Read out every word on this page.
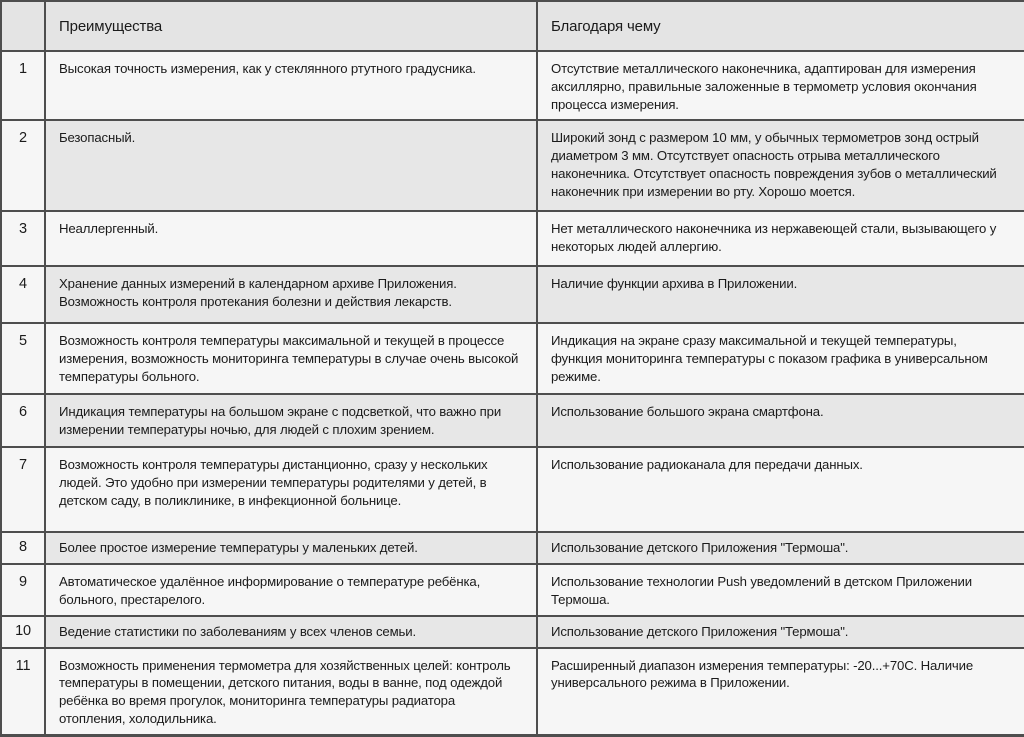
	Преимущества	Благодаря чему
1	Высокая точность измерения, как у стеклянного ртутного градусника.	Отсутствие металлического наконечника, адаптирован для измерения аксиллярно, правильные заложенные в термометр условия окончания процесса измерения.
2	Безопасный.	Широкий зонд с размером 10 мм, у обычных термометров зонд острый диаметром 3 мм. Отсутствует опасность отрыва металлического наконечника. Отсутствует опасность повреждения зубов о металлический наконечник при измерении во рту. Хорошо моется.
3	Неаллергенный.	Нет металлического наконечника из нержавеющей стали, вызывающего у некоторых людей аллергию.
4	Хранение данных измерений в календарном архиве Приложения. Возможность контроля протекания болезни и действия лекарств.	Наличие функции архива в Приложении.
5	Возможность контроля температуры максимальной и текущей в процессе измерения, возможность мониторинга температуры в случае очень высокой температуры больного.	Индикация на экране сразу максимальной и текущей температуры, функция мониторинга температуры с показом графика в универсальном режиме.
6	Индикация температуры на большом экране с подсветкой, что важно при измерении температуры ночью, для людей с плохим зрением.	Использование большого экрана смартфона.
7	Возможность контроля температуры дистанционно, сразу у нескольких людей. Это удобно при измерении температуры родителями у детей, в детском саду, в поликлинике, в инфекционной больнице.	Использование радиоканала для передачи данных.
8	Более простое измерение температуры у маленьких детей.	Использование детского Приложения "Термоша".
9	Автоматическое удалённое информирование о температуре ребёнка, больного, престарелого.	Использование технологии Push уведомлений в детском Приложении Термоша.
10	Ведение статистики по заболеваниям у всех членов семьи.	Использование детского Приложения "Термоша".
11	Возможность применения термометра для хозяйственных целей: контроль температуры в помещении, детского питания, воды в ванне, под одеждой ребёнка во время прогулок, мониторинга температуры радиатора отопления, холодильника.	Расширенный диапазон измерения температуры: -20...+70С. Наличие универсального режима в Приложении.
